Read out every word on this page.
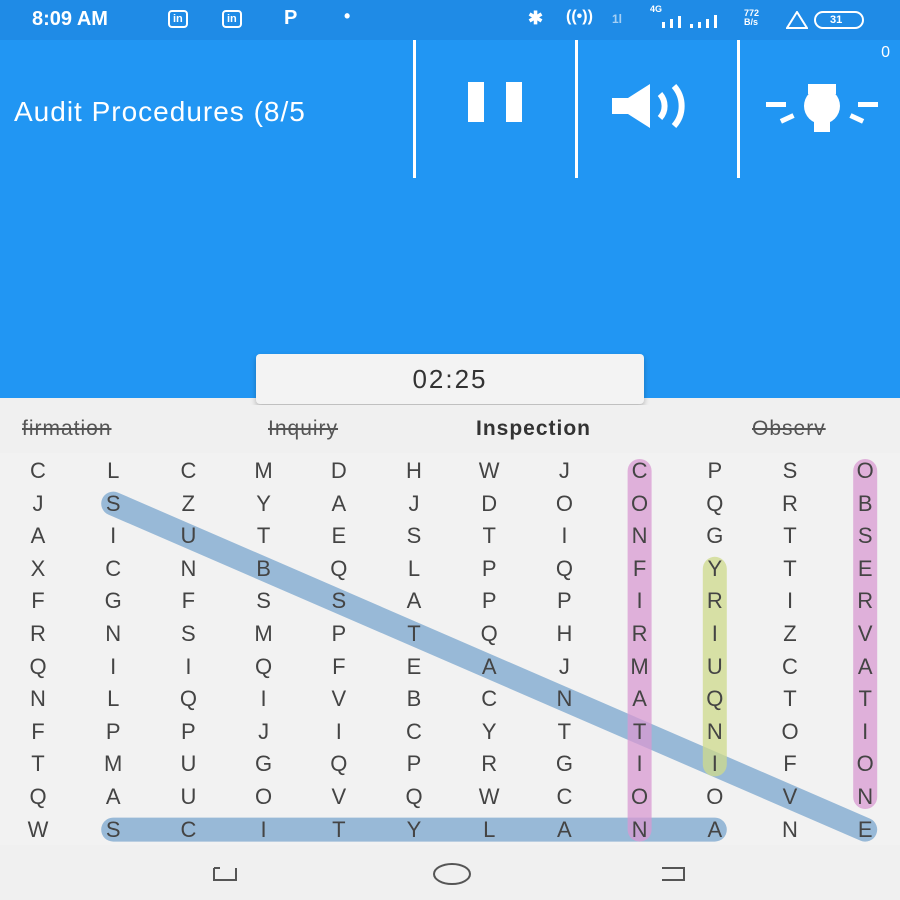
8:09 AM	in	in P	•	✱ ((•)) 1l
4G	772 B/s	31
Audit Procedures (8/5
0
02:25
firmation	Inquiry	Inspection	Observ
C	L	C	M	D	H	W	J	C	P	S	O
J	S	Z	Y	A	J	D	O	O	Q	R	B
A	I	U	T	E	S	T	I	N	G	T	S
X	C	N	B	Q	L	P	Q	F	Y	T	E
F	G	F	S	S	A	P	P	I	R	I	R
R	N	S	M	P	T	Q	H	R	I	Z	V
Q	I	I	Q	F	E	A	J	M	U	C	A
N	L	Q	I	V	B	C	N	A	Q	T	T
F	P	P	J	I	C	Y	T	T	N	O	I
T	M	U	G	Q	P	R	G	I	I	F	O
Q	A	U	O	V	Q	W	C	O	O	V	N
W	S	C	I	T	Y	L	A	N	A	N	E
